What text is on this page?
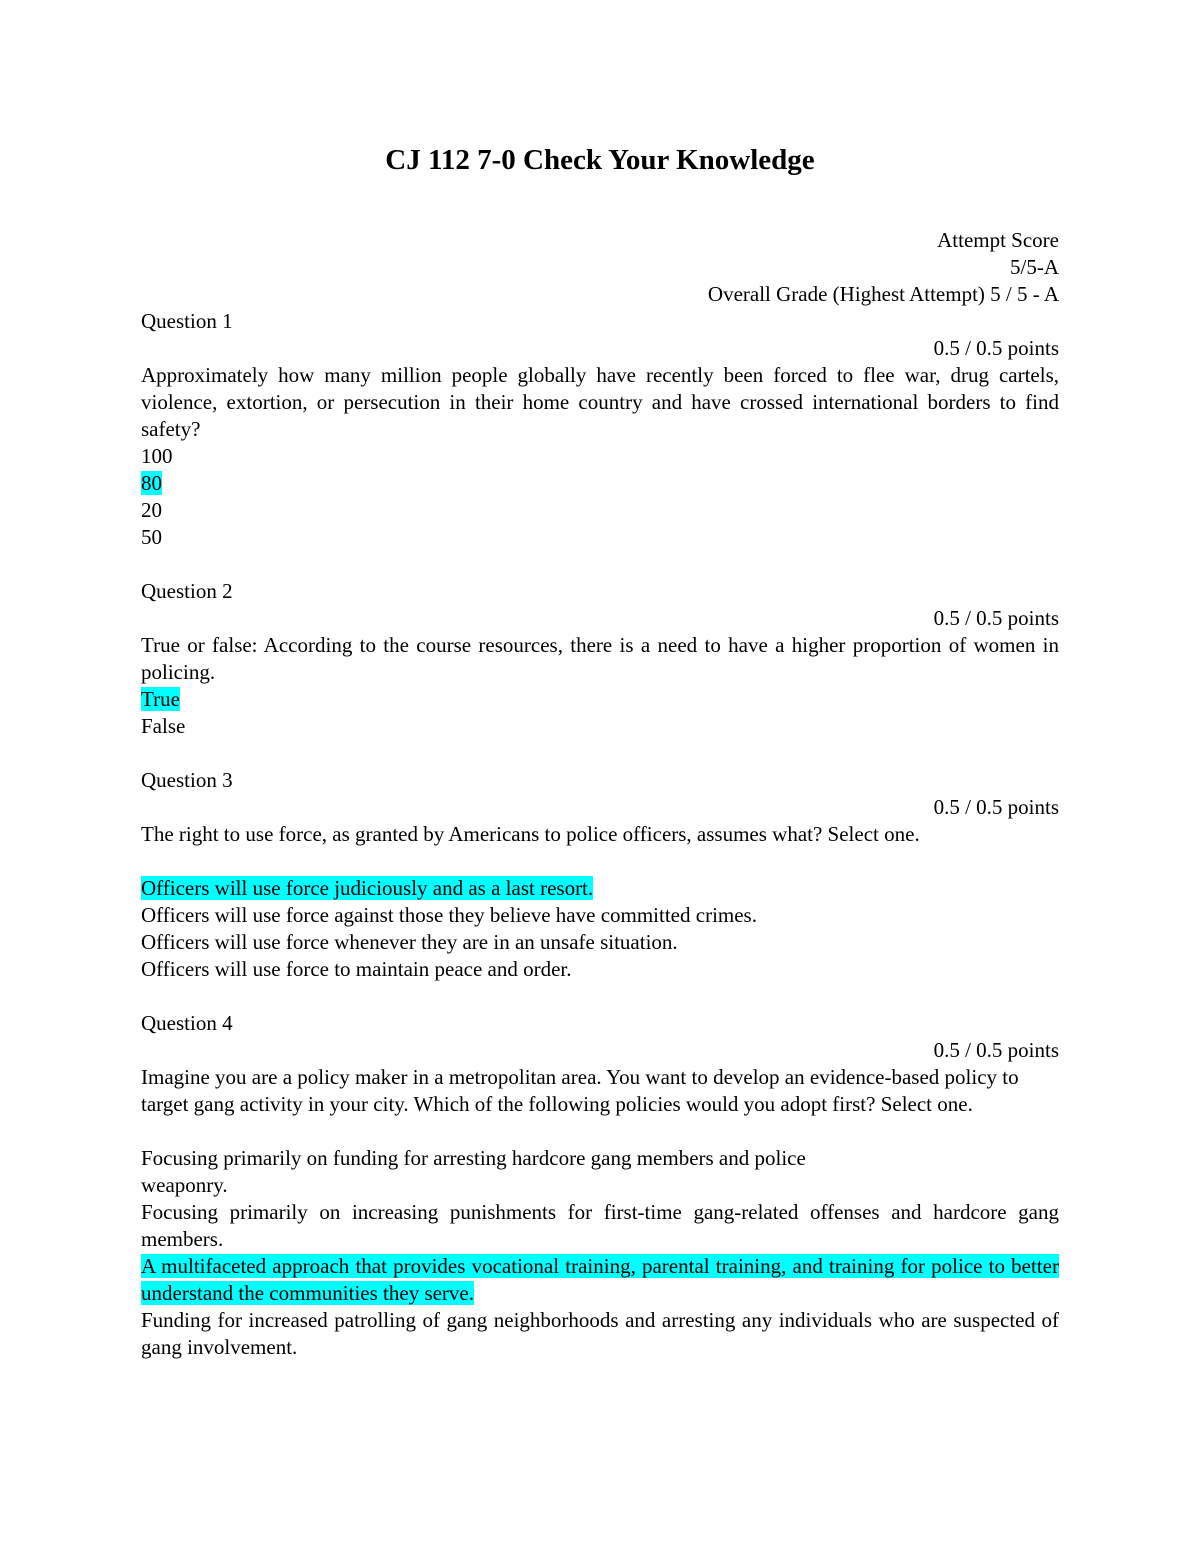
CJ 112 7-0 Check Your Knowledge
Attempt Score
5/5-A
Overall Grade (Highest Attempt) 5 / 5 - A
Question 1
0.5 / 0.5 points
Approximately how many million people globally have recently been forced to flee war, drug cartels, violence, extortion, or persecution in their home country and have crossed international borders to find safety?
100
80
20
50
Question 2
0.5 / 0.5 points
True or false: According to the course resources, there is a need to have a higher proportion of women in policing.
True
False
Question 3
0.5 / 0.5 points
The right to use force, as granted by Americans to police officers, assumes what? Select one.
Officers will use force judiciously and as a last resort.
Officers will use force against those they believe have committed crimes.
Officers will use force whenever they are in an unsafe situation.
Officers will use force to maintain peace and order.
Question 4
0.5 / 0.5 points
Imagine you are a policy maker in a metropolitan area. You want to develop an evidence-based policy to target gang activity in your city. Which of the following policies would you adopt first? Select one.
Focusing primarily on funding for arresting hardcore gang members and police weaponry.
Focusing primarily on increasing punishments for first-time gang-related offenses and hardcore gang members.
A multifaceted approach that provides vocational training, parental training, and training for police to better understand the communities they serve.
Funding for increased patrolling of gang neighborhoods and arresting any individuals who are suspected of gang involvement.
